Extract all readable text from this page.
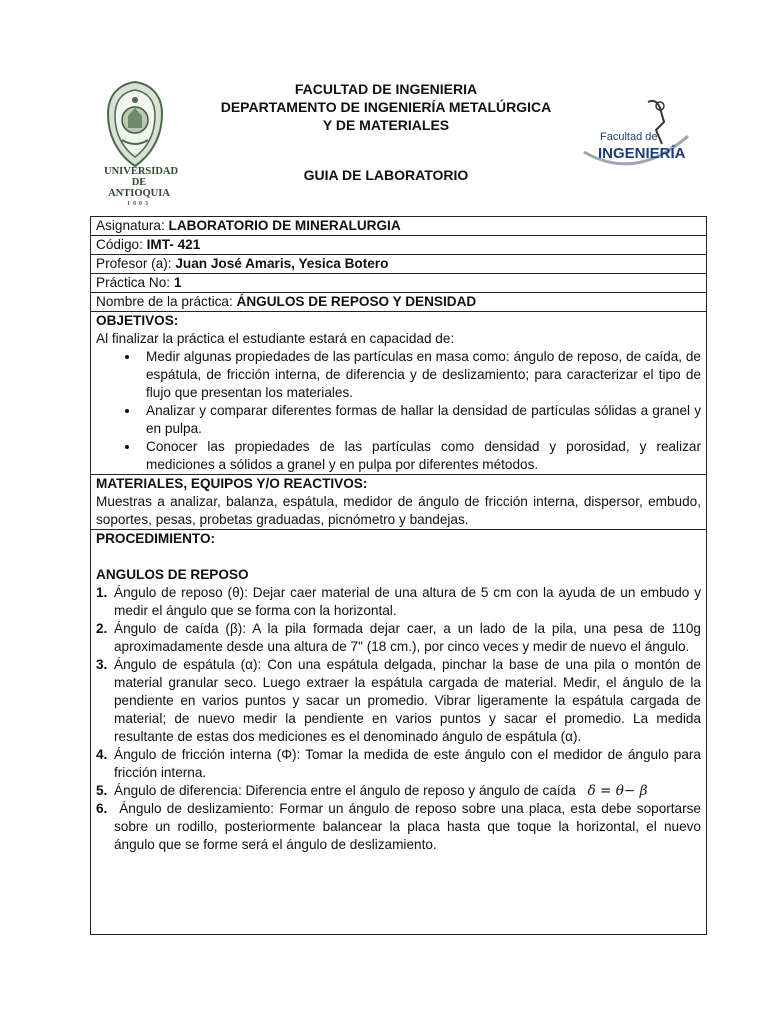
UNIVERSIDAD
DE ANTIOQUIA
1803
Facultad de
INGENIERÍA
FACULTAD DE INGENIERIA
DEPARTAMENTO DE INGENIERÍA METALÚRGICA
Y DE MATERIALES
GUIA DE LABORATORIO
Asignatura: LABORATORIO DE MINERALURGIA
Código: IMT- 421
Profesor (a): Juan José Amaris, Yesica Botero
Práctica No: 1
Nombre de la práctica: ÁNGULOS DE REPOSO Y DENSIDAD

OBJETIVOS:
Al finalizar la práctica el estudiante estará en capacidad de:
• Medir algunas propiedades de las partículas en masa como: ángulo de reposo, de caída, de espátula, de fricción interna, de diferencia y de deslizamiento; para caracterizar el tipo de flujo que presentan los materiales.
• Analizar y comparar diferentes formas de hallar la densidad de partículas sólidas a granel y en pulpa.
• Conocer las propiedades de las partículas como densidad y porosidad, y realizar mediciones a sólidos a granel y en pulpa por diferentes métodos.

MATERIALES, EQUIPOS Y/O REACTIVOS:
Muestras a analizar, balanza, espátula, medidor de ángulo de fricción interna, dispersor, embudo, soportes, pesas, probetas graduadas, picnómetro y bandejas.

PROCEDIMIENTO:
ANGULOS DE REPOSO
1. Ángulo de reposo (θ): Dejar caer material de una altura de 5 cm con la ayuda de un embudo y medir el ángulo que se forma con la horizontal.
2. Ángulo de caída (β): A la pila formada dejar caer, a un lado de la pila, una pesa de 110g aproximadamente desde una altura de 7" (18 cm.), por cinco veces y medir de nuevo el ángulo.
3. Ángulo de espátula (α): Con una espátula delgada, pinchar la base de una pila o montón de material granular seco. Luego extraer la espátula cargada de material. Medir, el ángulo de la pendiente en varios puntos y sacar un promedio. Vibrar ligeramente la espátula cargada de material; de nuevo medir la pendiente en varios puntos y sacar el promedio. La medida resultante de estas dos mediciones es el denominado ángulo de espátula (α).
4. Ángulo de fricción interna (Φ): Tomar la medida de este ángulo con el medidor de ángulo para fricción interna.
5. Ángulo de diferencia: Diferencia entre el ángulo de reposo y ángulo de caída δ = θ− β
6. Ángulo de deslizamiento: Formar un ángulo de reposo sobre una placa, esta debe soportarse sobre un rodillo, posteriormente balancear la placa hasta que toque la horizontal, el nuevo ángulo que se forme será el ángulo de deslizamiento.
